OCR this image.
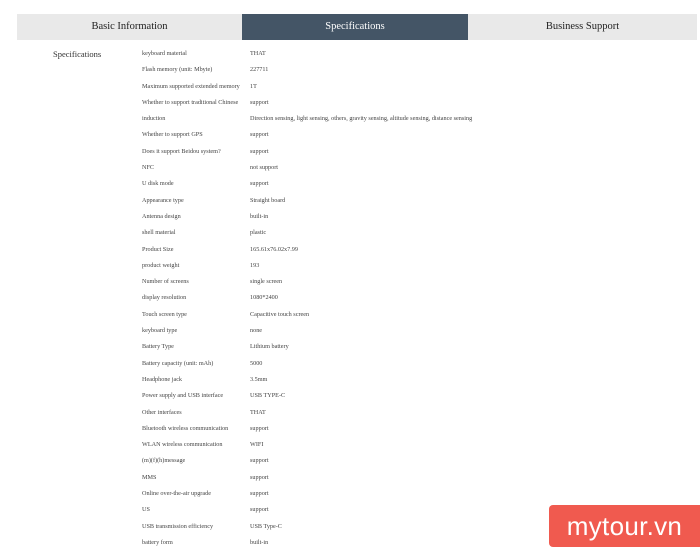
Basic Information	Specifications	Business Support
Specifications	keyboard material	THAT
Flash memory (unit: Mbyte)	227711
Maximum supported extended memory	1T
Whether to support traditional Chinese	support
induction	Direction sensing, light sensing, others, gravity sensing, altitude sensing, distance sensing
Whether to support GPS	support
Does it support Beidou system?	support
NFC	not support
U disk mode	support
Appearance type	Straight board
Antenna design	built-in
shell material	plastic
Product Size	165.61x76.02x7.99
product weight	193
Number of screens	single screen
display resolution	1080*2400
Touch screen type	Capacitive touch screen
keyboard type	none
Battery Type	Lithium battery
Battery capacity (unit: mAh)	5000
Headphone jack	3.5mm
Power supply and USB interface	USB TYPE-C
Other interfaces	THAT
Bluetooth wireless communication	support
WLAN wireless communication	WIFI
(m)(f)(h)message	support
MMS	support
Online over-the-air upgrade	support
US	support
USB transmission efficiency	USB Type-C
battery form	built-in
mytour.vn
